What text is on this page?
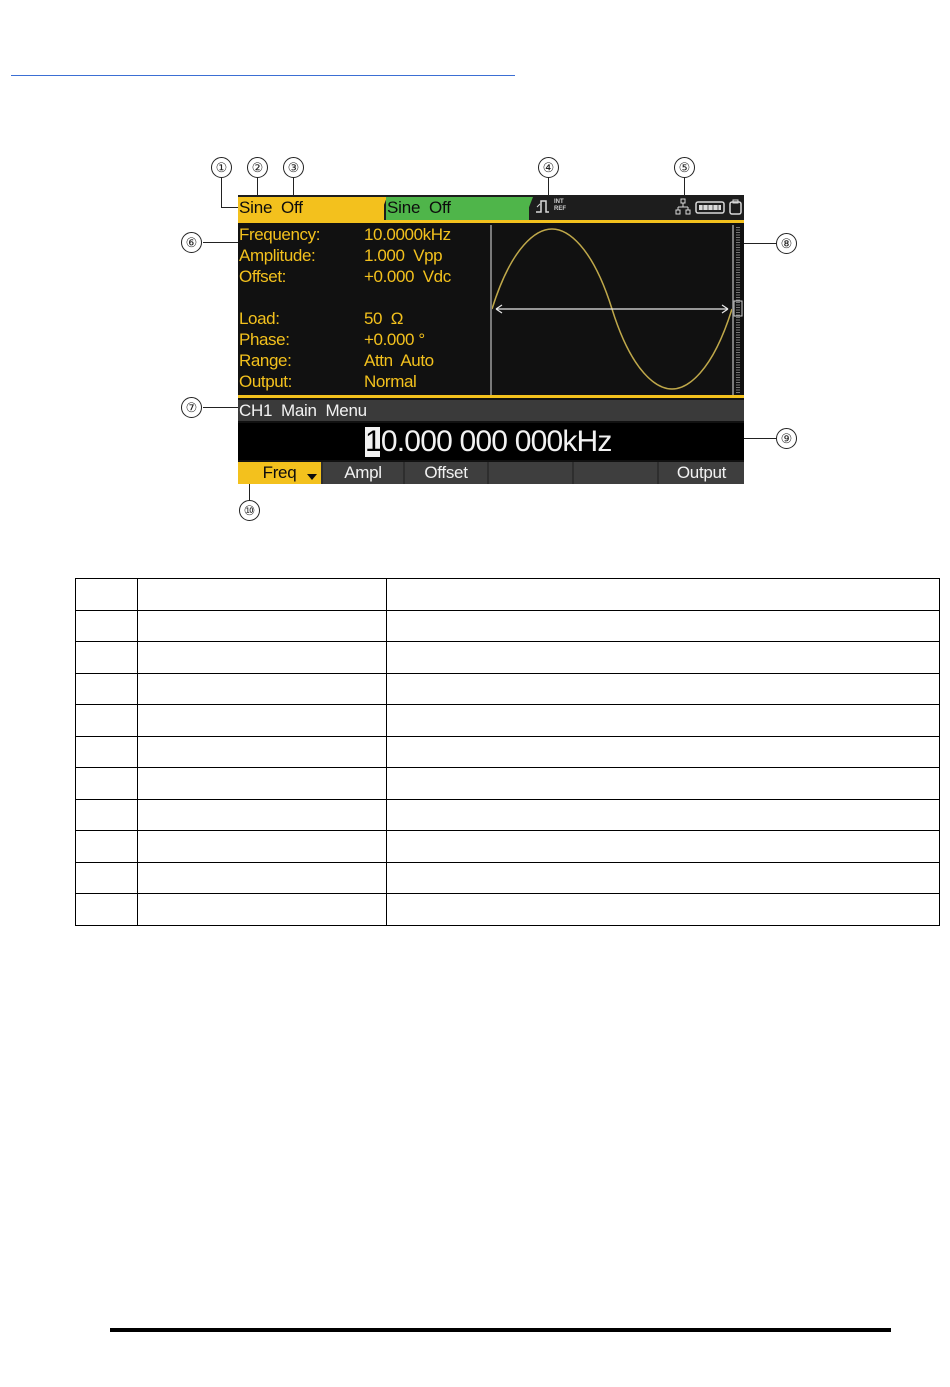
Sine Off	Sine Off	INT
REF
Frequency:	10.0000kHz
Amplitude:	1.000  Vpp
Offset:	+0.000  Vdc
Load:	50  Ω
Phase:	+0.000 °
Range:	Attn  Auto
Output:	Normal
CH1  Main  Menu
10.000 000 000kHz
Freq	Ampl	Offset	Output
①	②	③	④	⑤
⑥
⑦
⑧
⑨
⑩
